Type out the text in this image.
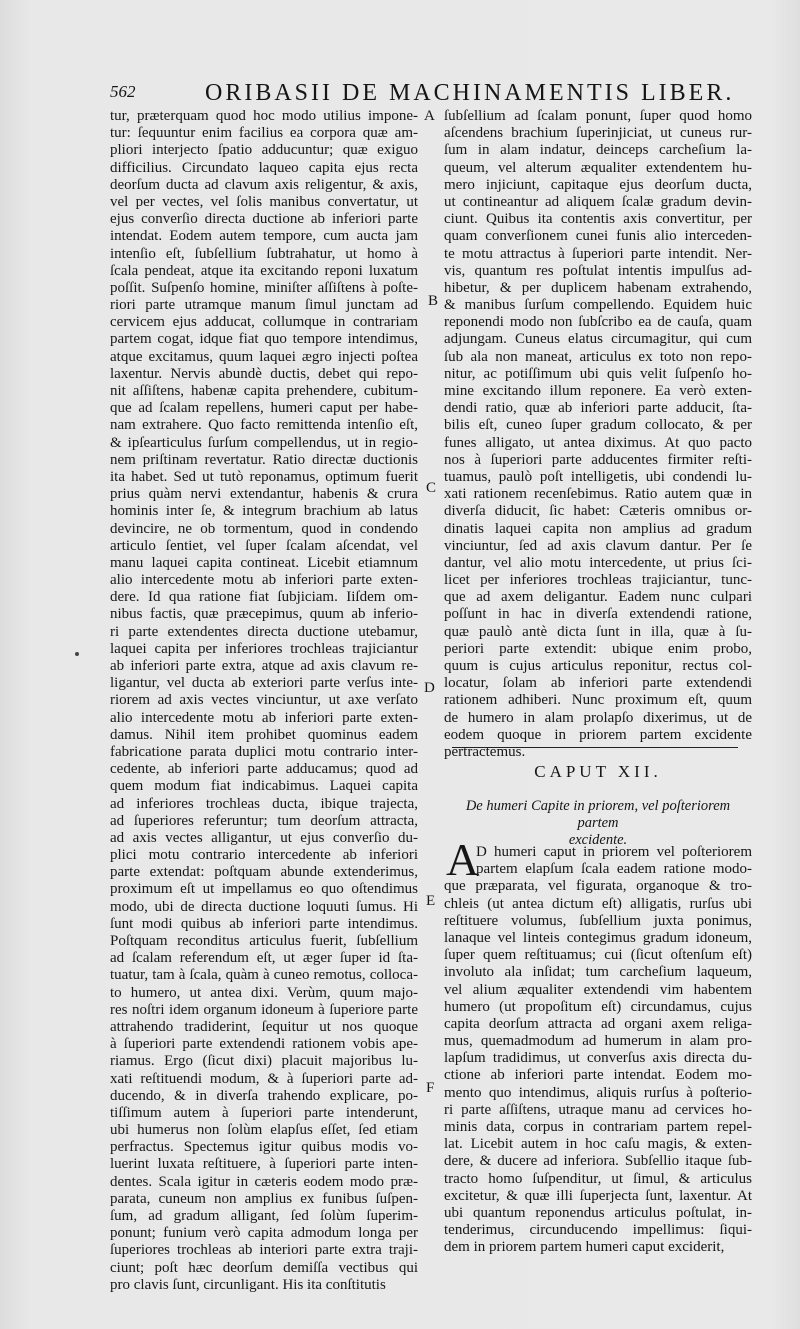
562	ORIBASII DE MACHINAMENTIS LIBER.
tur, præterquam quod hoc modo utilius impone-
tur: ſequuntur enim facilius ea corpora quæ am-
pliori interjecto ſpatio adducuntur; quæ exiguo
difficilius. Circundato laqueo capita ejus recta
deorſum ducta ad clavum axis religentur, & axis,
vel per vectes, vel ſolis manibus convertatur, ut
ejus converſio directa ductione ab inferiori parte
intendat. Eodem autem tempore, cum aucta jam
intenſio eſt, ſubſellium ſubtrahatur, ut homo à
ſcala pendeat, atque ita excitando reponi luxatum
poſſit. Suſpenſo homine, miniſter aſſiſtens à poſte-
riori parte utramque manum ſimul junctam ad
cervicem ejus adducat, collumque in contrariam
partem cogat, idque fiat quo tempore intendimus,
atque excitamus, quum laquei ægro injecti poſtea
laxentur. Nervis abundè ductis, debet qui repo-
nit aſſiſtens, habenæ capita prehendere, cubitum-
que ad ſcalam repellens, humeri caput per habe-
nam extrahere. Quo facto remittenda intenſio eſt,
& ipſearticulus ſurſum compellendus, ut in regio-
nem priſtinam revertatur. Ratio directæ ductionis
ita habet. Sed ut tutò reponamus, optimum fuerit
prius quàm nervi extendantur, habenis & crura
hominis inter ſe, & integrum brachium ab latus
devincire, ne ob tormentum, quod in condendo
articulo ſentiet, vel ſuper ſcalam aſcendat, vel
manu laquei capita contineat. Licebit etiamnum
alio intercedente motu ab inferiori parte exten-
dere. Id qua ratione fiat ſubjiciam. Iiſdem om-
nibus factis, quæ præcepimus, quum ab inferio-
ri parte extendentes directa ductione utebamur,
laquei capita per inferiores trochleas trajiciantur
ab inferiori parte extra, atque ad axis clavum re-
ligantur, vel ducta ab exteriori parte verſus inte-
riorem ad axis vectes vinciuntur, ut axe verſato
alio intercedente motu ab inferiori parte exten-
damus. Nihil item prohibet quominus eadem
fabricatione parata duplici motu contrario inter-
cedente, ab inferiori parte adducamus; quod ad
quem modum fiat indicabimus. Laquei capita
ad inferiores trochleas ducta, ibique trajecta,
ad ſuperiores referuntur; tum deorſum attracta,
ad axis vectes alligantur, ut ejus converſio du-
plici motu contrario intercedente ab inferiori
parte extendat: poſtquam abunde extenderimus,
proximum eſt ut impellamus eo quo oſtendimus
modo, ubi de directa ductione loquuti ſumus. Hi
ſunt modi quibus ab inferiori parte intendimus.
Poſtquam reconditus articulus fuerit, ſubſellium
ad ſcalam referendum eſt, ut æger ſuper id ſta-
tuatur, tam à ſcala, quàm à cuneo remotus, colloca-
to humero, ut antea dixi. Verùm, quum majo-
res noſtri idem organum idoneum à ſuperiore parte
attrahendo tradiderint, ſequitur ut nos quoque
à ſuperiori parte extendendi rationem vobis ape-
riamus. Ergo (ſicut dixi) placuit majoribus lu-
xati reſtituendi modum, & à ſuperiori parte ad-
ducendo, & in diverſa trahendo explicare, po-
tiſſimum autem à ſuperiori parte intenderunt,
ubi humerus non ſolùm elapſus eſſet, ſed etiam
perfractus. Spectemus igitur quibus modis vo-
luerint luxata reſtituere, à ſuperiori parte inten-
dentes. Scala igitur in cæteris eodem modo præ-
parata, cuneum non amplius ex funibus ſuſpen-
ſum, ad gradum alligant, ſed ſolùm ſuperim-
ponunt; funium verò capita admodum longa per
ſuperiores trochleas ab interiori parte extra traji-
ciunt; poſt hæc deorſum demiſſa vectibus qui
pro clavis ſunt, circunligant. His ita conſtitutis
ſubſellium ad ſcalam ponunt, ſuper quod homo
aſcendens brachium ſuperinjiciat, ut cuneus rur-
ſum in alam indatur, deinceps carcheſium la-
queum, vel alterum æqualiter extendentem hu-
mero injiciunt, capitaque ejus deorſum ducta,
ut contineantur ad aliquem ſcalæ gradum devin-
ciunt. Quibus ita contentis axis convertitur, per
quam converſionem cunei funis alio interceden-
te motu attractus à ſuperiori parte intendit. Ner-
vis, quantum res poſtulat intentis impulſus ad-
hibetur, & per duplicem habenam extrahendo,
& manibus ſurſum compellendo. Equidem huic
reponendi modo non ſubſcribo ea de cauſa, quam
adjungam. Cuneus elatus circumagitur, qui cum
ſub ala non maneat, articulus ex toto non repo-
nitur, ac potiſſimum ubi quis velit ſuſpenſo ho-
mine excitando illum reponere. Ea verò exten-
dendi ratio, quæ ab inferiori parte adducit, ſta-
bilis eſt, cuneo ſuper gradum collocato, & per
funes alligato, ut antea diximus. At quo pacto
nos à ſuperiori parte adducentes firmiter reſti-
tuamus, paulò poſt intelligetis, ubi condendi lu-
xati rationem recenſebimus. Ratio autem quæ in
diverſa diducit, ſic habet: Cæteris omnibus or-
dinatis laquei capita non amplius ad gradum
vinciuntur, ſed ad axis clavum dantur. Per ſe
dantur, vel alio motu intercedente, ut prius ſci-
licet per inferiores trochleas trajiciantur, tunc-
que ad axem deligantur. Eadem nunc culpari
poſſunt in hac in diverſa extendendi ratione,
quæ paulò antè dicta ſunt in illa, quæ à ſu-
periori parte extendit: ubique enim probo,
quum is cujus articulus reponitur, rectus col-
locatur, ſolam ab inferiori parte extendendi
rationem adhiberi. Nunc proximum eſt, quum
de humero in alam prolapſo dixerimus, ut de
eodem quoque in priorem partem excidente
pertractemus.
A
B
C
D
E
F
CAPUT XII.
De humeri Capite in priorem, vel poſteriorem partem
excidente.
A
D humeri caput in priorem vel poſteriorem
partem elapſum ſcala eadem ratione modo-
que præparata, vel figurata, organoque & tro-
chleis (ut antea dictum eſt) alligatis, rurſus ubi
reſtituere volumus, ſubſellium juxta ponimus,
lanaque vel linteis contegimus gradum idoneum,
ſuper quem reſtituamus; cui (ſicut oſtenſum eſt)
involuto ala inſidat; tum carcheſium laqueum,
vel alium æqualiter extendendi vim habentem
humero (ut propoſitum eſt) circundamus, cujus
capita deorſum attracta ad organi axem religa-
mus, quemadmodum ad humerum in alam pro-
lapſum tradidimus, ut converſus axis directa du-
ctione ab inferiori parte intendat. Eodem mo-
mento quo intendimus, aliquis rurſus à poſterio-
ri parte aſſiſtens, utraque manu ad cervices ho-
minis data, corpus in contrariam partem repel-
lat. Licebit autem in hoc caſu magis, & exten-
dere, & ducere ad inferiora. Subſellio itaque ſub-
tracto homo ſuſpenditur, ut ſimul, & articulus
excitetur, & quæ illi ſuperjecta ſunt, laxentur. At
ubi quantum reponendus articulus poſtulat, in-
tenderimus, circunducendo impellimus: ſiqui-
dem in priorem partem humeri caput exciderit,
